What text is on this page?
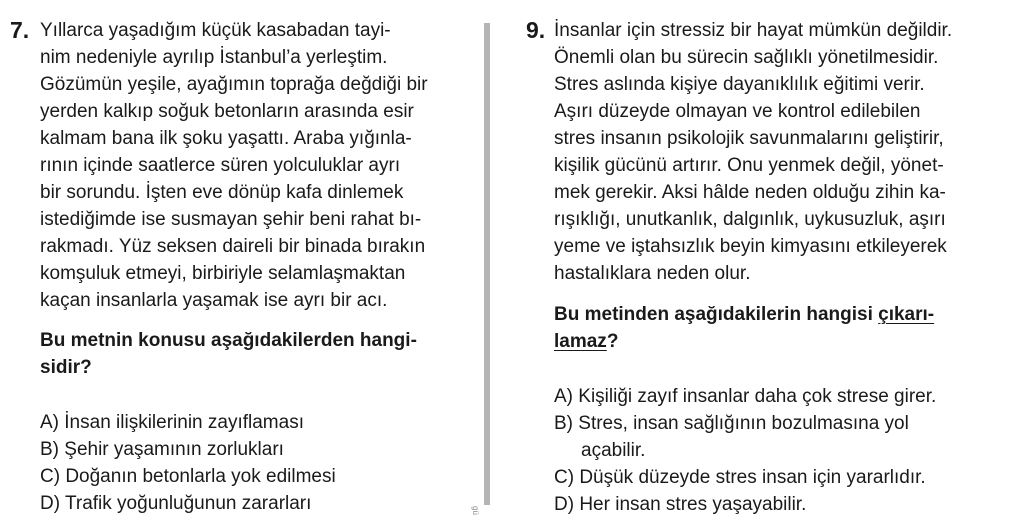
7. Yıllarca yaşadığım küçük kasabadan tayi-
nim nedeniyle ayrılıp İstanbul’a yerleştim.
Gözümün yeşile, ayağımın toprağa değdiği bir
yerden kalkıp soğuk betonların arasında esir
kalmam bana ilk şoku yaşattı. Araba yığınla-
rının içinde saatlerce süren yolculuklar ayrı
bir sorundu. İşten eve dönüp kafa dinlemek
istediğimde ise susmayan şehir beni rahat bı-
rakmadı. Yüz seksen daireli bir binada bırakın
komşuluk etmeyi, birbiriyle selamlaşmaktan
kaçan insanlarla yaşamak ise ayrı bir acı.
Bu metnin konusu aşağıdakilerden hangi-
sidir?
A) İnsan ilişkilerinin zayıflaması
B) Şehir yaşamının zorlukları
C) Doğanın betonlarla yok edilmesi
D) Trafik yoğunluğunun zararları	gü
9. İnsanlar için stressiz bir hayat mümkün değildir.
Önemli olan bu sürecin sağlıklı yönetilmesidir.
Stres aslında kişiye dayanıklılık eğitimi verir.
Aşırı düzeyde olmayan ve kontrol edilebilen
stres insanın psikolojik savunmalarını geliştirir,
kişilik gücünü artırır. Onu yenmek değil, yönet-
mek gerekir. Aksi hâlde neden olduğu zihin ka-
rışıklığı, unutkanlık, dalgınlık, uykusuzluk, aşırı
yeme ve iştahsızlık beyin kimyasını etkileyerek
hastalıklara neden olur.
Bu metinden aşağıdakilerin hangisi çıkarı-
lamaz?
A) Kişiliği zayıf insanlar daha çok strese girer.
B) Stres, insan sağlığının bozulmasına yol
açabilir.
C) Düşük düzeyde stres insan için yararlıdır.
D) Her insan stres yaşayabilir.
